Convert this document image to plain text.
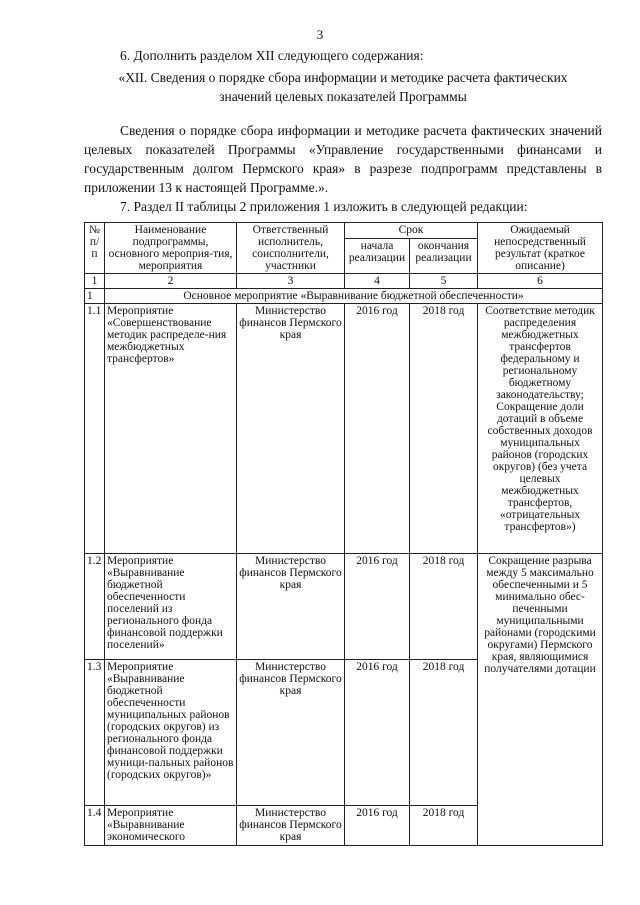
3

6. Дополнить разделом XII следующего содержания:

«XII. Сведения о порядке сбора информации и методике расчета фактических

значений целевых показателей Программы

Сведения о порядке сбора информации и методике расчета фактических значений целевых показателей Программы «Управление государственными финансами и государственным долгом Пермского края» в разрезе подпрограмм представлены в приложении 13 к настоящей Программе.».

7. Раздел II таблицы 2 приложения 1 изложить в следующей редакции:

№ п/п	Наименование подпрограммы, основного мероприя-тия, мероприятия	Ответственный исполнитель, соисполнители, участники	Срок		Ожидаемый непосредственный результат (краткое описание)
			начала реализации	окончания реализации	
1	2	3	4	5	6
1	Основное мероприятие «Выравнивание бюджетной обеспеченности»				
1.1	Мероприятие «Совершенствование методик распределе-ния межбюджетных трансфертов»	Министерство финансов Пермского края	2016 год	2018 год	Соответствие методик распределения межбюджетных трансфертов федеральному и региональному бюджетному законодательству; Сокращение доли дотаций в объеме собственных доходов муниципальных районов (городских округов) (без учета целевых межбюджетных трансфертов, «отрицательных трансфертов»)
1.2	Мероприятие «Выравнивание бюджетной обеспеченности поселений из регионального фонда финансовой поддержки поселений»	Министерство финансов Пермского края	2016 год	2018 год	Сокращение разрыва между 5 максимально обеспеченными и 5 минимально обес-печенными муниципальными районами (городскими округами) Пермского края, являющимися получателями дотации
1.3	Мероприятие «Выравнивание бюджетной обеспеченности муниципальных районов (городских округов) из регионального фонда финансовой поддержки муници-пальных районов (городских округов)»	Министерство финансов Пермского края	2016 год	2018 год	
1.4	Мероприятие «Выравнивание экономического	Министерство финансов Пермского края	2016 год	2018 год	
